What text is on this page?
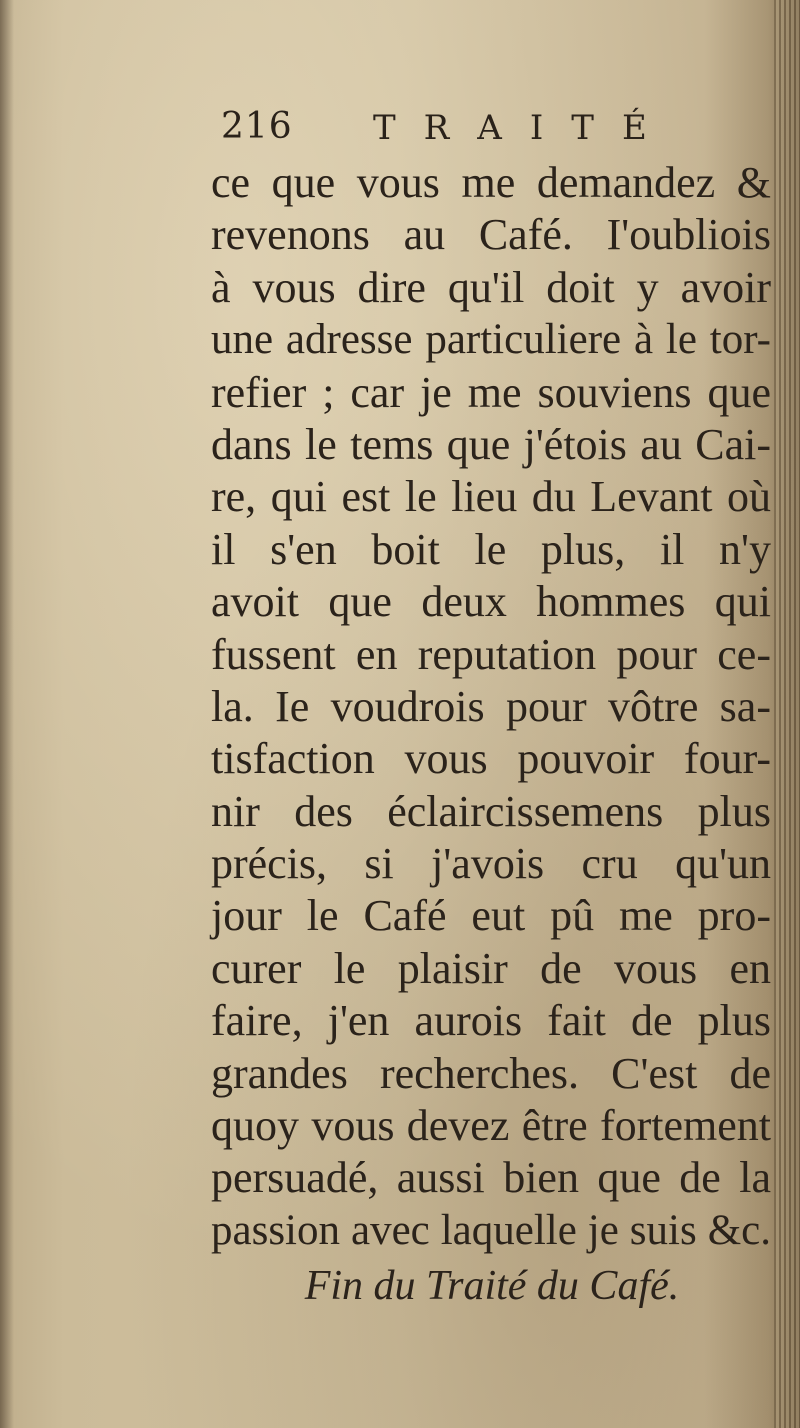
216 TRAITÉ
ce que vous me demandez &
revenons au Café. I'oubliois
à vous dire qu'il doit y avoir
une adresse particuliere à le tor-
refier ; car je me souviens que
dans le tems que j'étois au Cai-
re, qui est le lieu du Levant où
il s'en boit le plus, il n'y
avoit que deux hommes qui
fussent en reputation pour ce-
la. Ie voudrois pour vôtre sa-
tisfaction vous pouvoir four-
nir des éclaircissemens plus
précis, si j'avois cru qu'un
jour le Café eut pû me pro-
curer le plaisir de vous en
faire, j'en aurois fait de plus
grandes recherches. C'est de
quoy vous devez être fortement
persuadé, aussi bien que de la
passion avec laquelle je suis &c.
Fin du Traité du Café.
